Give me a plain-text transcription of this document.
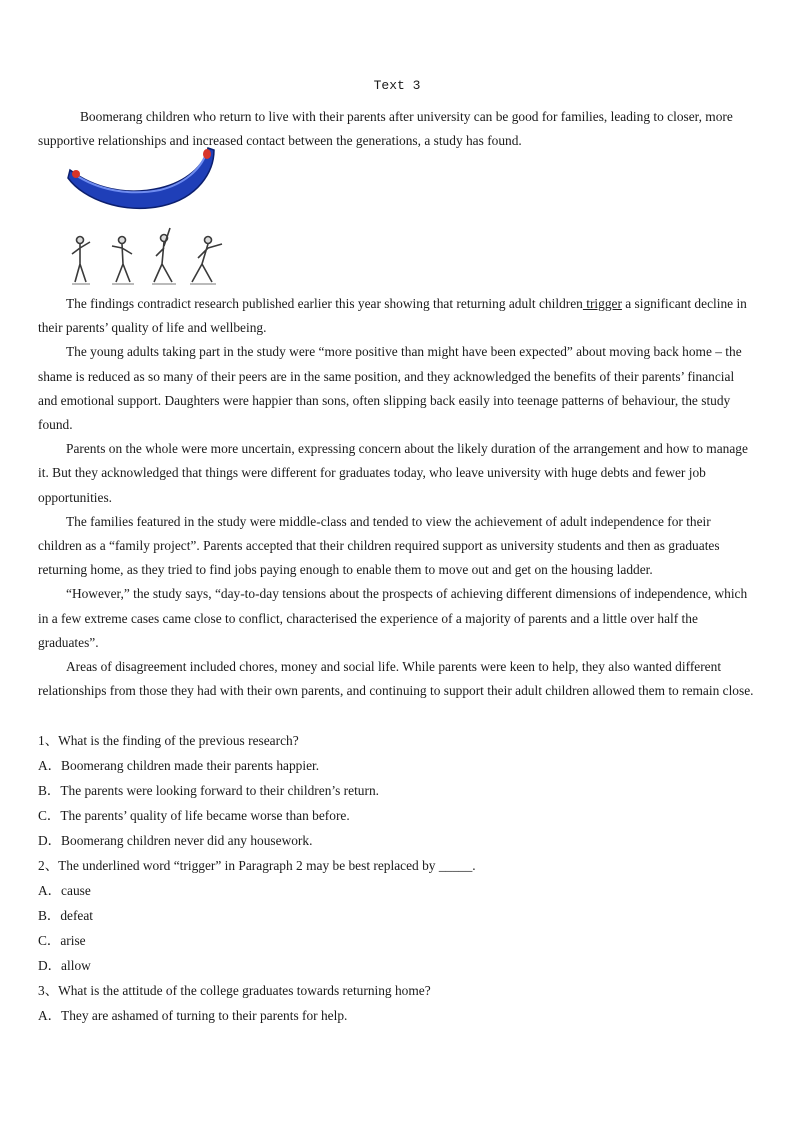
Text 3

Boomerang children who return to live with their parents after university can be good for families, leading to closer, more supportive relationships and increased contact between the generations, a study has found.

The findings contradict research published earlier this year showing that returning adult children trigger a significant decline in their parents’ quality of life and wellbeing.

The young adults taking part in the study were “more positive than might have been expected” about moving back home – the shame is reduced as so many of their peers are in the same position, and they acknowledged the benefits of their parents’ financial and emotional support. Daughters were happier than sons, often slipping back easily into teenage patterns of behaviour, the study found.

Parents on the whole were more uncertain, expressing concern about the likely duration of the arrangement and how to manage it. But they acknowledged that things were different for graduates today, who leave university with huge debts and fewer job opportunities.

The families featured in the study were middle-class and tended to view the achievement of adult independence for their children as a “family project”. Parents accepted that their children required support as university students and then as graduates returning home, as they tried to find jobs paying enough to enable them to move out and get on the housing ladder.

“However,” the study says, “day-to-day tensions about the prospects of achieving different dimensions of independence, which in a few extreme cases came close to conflict, characterised the experience of a majority of parents and a little over half the graduates”.

Areas of disagreement included chores, money and social life. While parents were keen to help, they also wanted different relationships from those they had with their own parents, and continuing to support their adult children allowed them to remain close.

1、What is the finding of the previous research?

A．Boomerang children made their parents happier.

B．The parents were looking forward to their children’s return.

C．The parents’ quality of life became worse than before.

D．Boomerang children never did any housework.

2、The underlined word “trigger” in Paragraph 2 may be best replaced by _____.

A．cause

B．defeat

C．arise

D．allow

3、What is the attitude of the college graduates towards returning home?

A．They are ashamed of turning to their parents for help.
